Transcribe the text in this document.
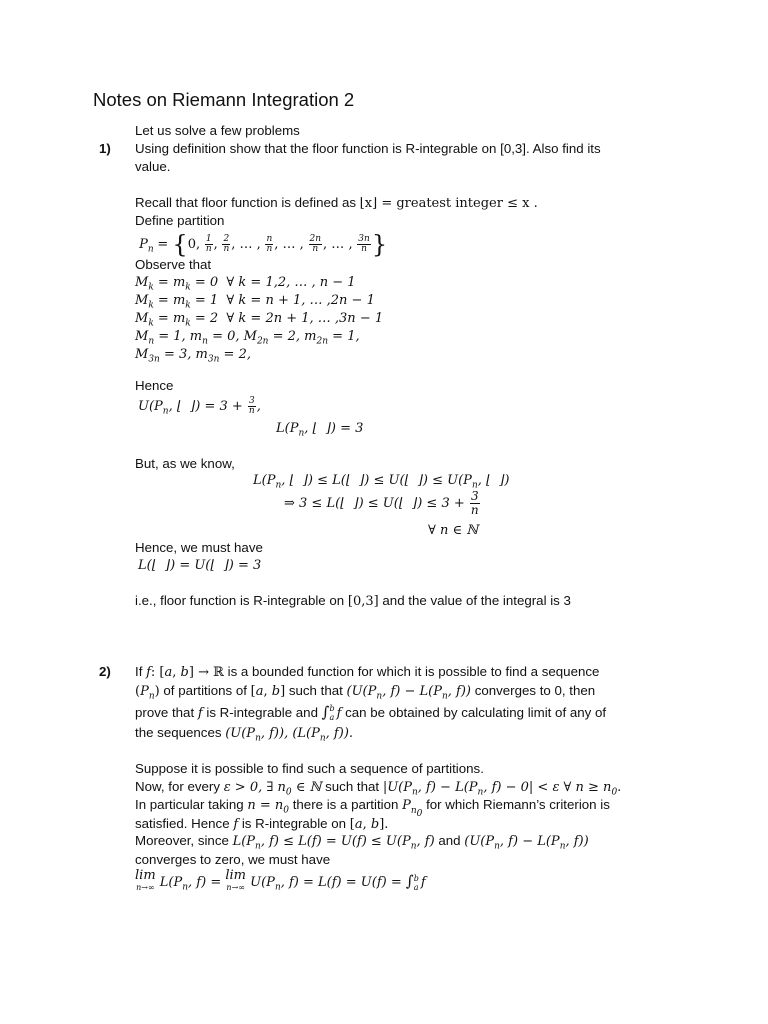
Notes on Riemann Integration 2
Let us solve a few problems
1) Using definition show that the floor function is R-integrable on [0,3]. Also find its
value.
Recall that floor function is defined as ⌊x⌋ = greatest integer ≤ x .
Define partition
$P_n = \{0$, $\frac{1}{n}$ , $\frac{2}{n}$ , … , $\frac{n}{n}$ , … , $\frac{2n}{n}$ , … , $\frac{3n}{n}$ }
Observe that
$M_k = m_k = 0$  ∀ k = 1,2, … , n − 1
$M_k = m_k = 1$  ∀ k = n + 1, … ,2n − 1
$M_k = m_k = 2$  ∀ k = 2n + 1, … ,3n − 1
$M_n = 1$, $m_n = 0$, $M_{2n} = 2$, $m_{2n} = 1$,
$M_{3n} = 3$, $m_{3n} = 2$,
Hence
$U(P_n$, ⌊  ⌋) = $3 + \frac{3}{n}$ ,
$L(P_n$, ⌊  ⌋) = 3
But, as we know,
$L(P_n$, ⌊  ⌋) ≤ L(⌊  ⌋) ≤ U(⌊  ⌋) ≤ $U(P_n$, ⌊  ⌋)
⇒ 3 ≤ L(⌊  ⌋) ≤ U(⌊  ⌋) ≤ $3 + \frac{3}{n}$
∀ n ∈ ℕ
Hence, we must have
L(⌊  ⌋) = U(⌊  ⌋) = 3
i.e., floor function is R-integrable on [0,3] and the value of the integral is 3
2) If f: [a, b] → ℝ is a bounded function for which it is possible to find a sequence
$(P_n)$ of partitions of [a, b] such that ($U(P_n$, $f) - L(P_n$, f)) converges to 0, then
prove that f is R-integrable and ∫ b
a f can be obtained by calculating limit of any of
the sequences ($U(P_n$, f)), ($L(P_n$, f)).
Suppose it is possible to find such a sequence of partitions.
Now, for every ε > 0, ∃ $n_0$ ∈ ℕ such that $|U(P_n$, $f) - L(P_n$, f) − 0| < ε ∀ $n \ge n_0$.
In particular taking $n = n_0$ there is a partition $P_{n_0}$ for which Riemann’s criterion is
satisfied. Hence f is R-integrable on [a, b].
Moreover, since $L(P_n$, $f) \le L(f) = U(f) \le U(P_n$, f) and ($U(P_n$, $f) - L(P_n$, f))
converges to zero, we must have
lim
n→∞ $L(P_n$, f) = lim
n→∞ $U(P_n$, f) = L(f) = U(f) = ∫ b
a f
